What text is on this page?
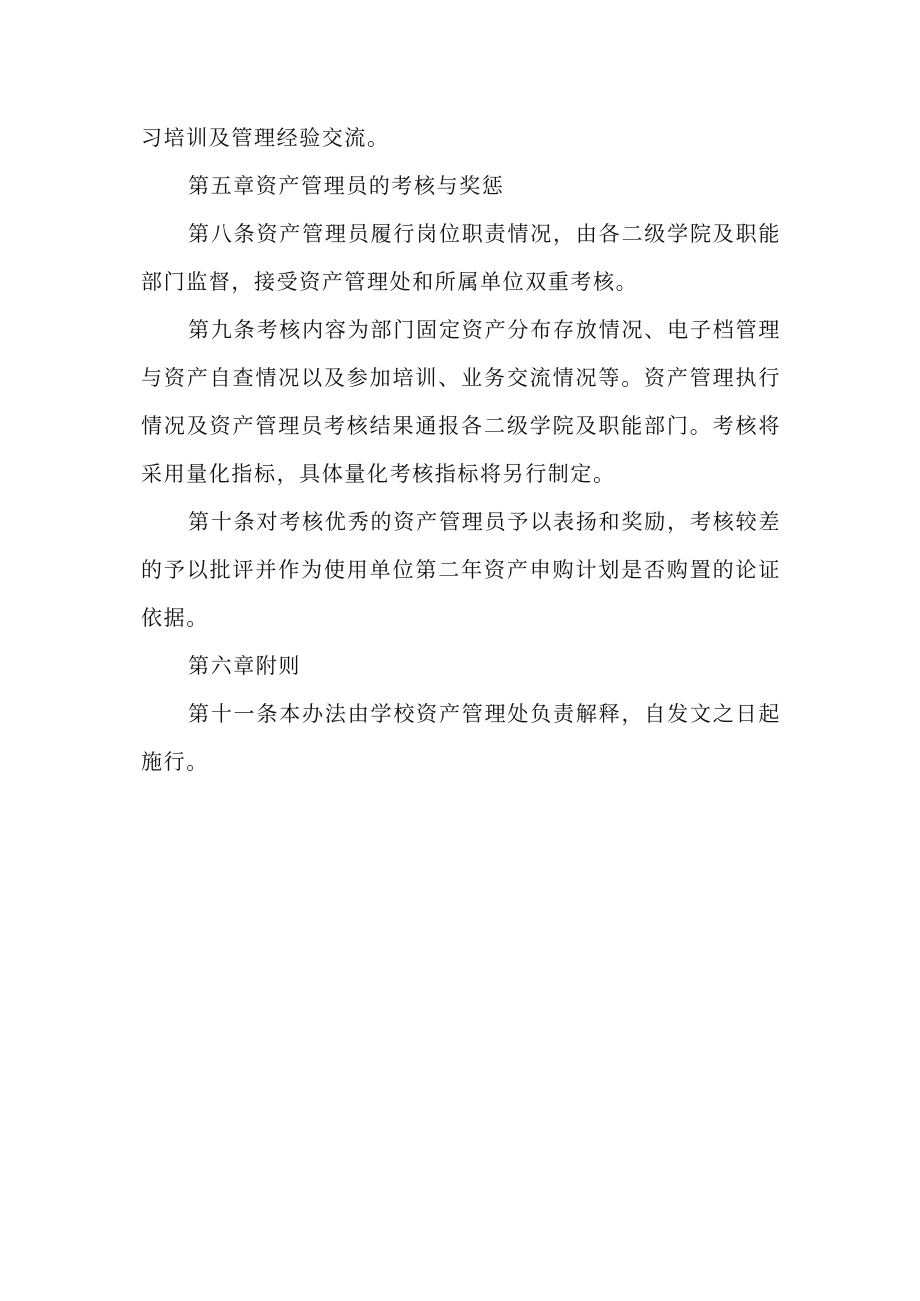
习培训及管理经验交流。

第五章资产管理员的考核与奖惩

第八条资产管理员履行岗位职责情况，由各二级学院及职能部门监督，接受资产管理处和所属单位双重考核。

第九条考核内容为部门固定资产分布存放情况、电子档管理与资产自查情况以及参加培训、业务交流情况等。资产管理执行情况及资产管理员考核结果通报各二级学院及职能部门。考核将采用量化指标，具体量化考核指标将另行制定。

第十条对考核优秀的资产管理员予以表扬和奖励，考核较差的予以批评并作为使用单位第二年资产申购计划是否购置的论证依据。

第六章附则

第十一条本办法由学校资产管理处负责解释，自发文之日起施行。
